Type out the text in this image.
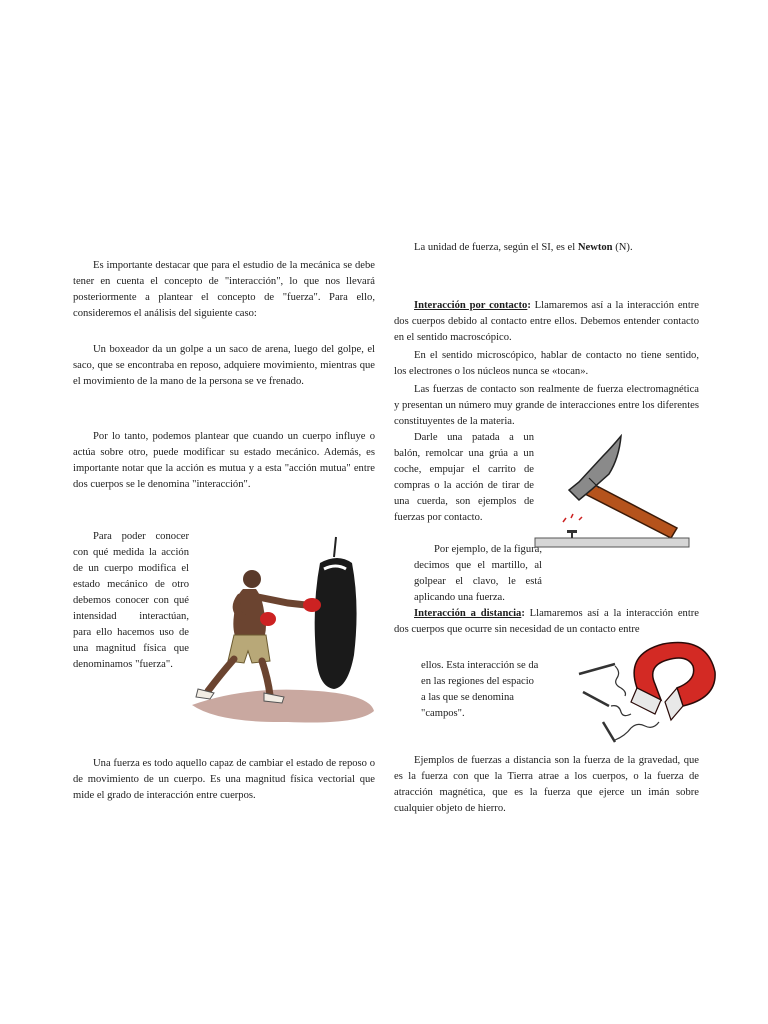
Es importante destacar que para el estudio de la mecánica se debe tener en cuenta el concepto de "interacción", lo que nos llevará posteriormente a plantear el concepto de "fuerza". Para ello, consideremos el análisis del siguiente caso:

Un boxeador da un golpe a un saco de arena, luego del golpe, el saco, que se encontraba en reposo, adquiere movimiento, mientras que el movimiento de la mano de la persona se ve frenado.

Por lo tanto, podemos plantear que cuando un cuerpo influye o actúa sobre otro, puede modificar su estado mecánico. Además, es importante notar que la acción es mutua y a esta "acción mutua" entre dos cuerpos se le denomina "interacción".

Para poder conocer con qué medida la acción de un cuerpo modifica el estado mecánico de otro debemos conocer con qué intensidad interactúan, para ello hacemos uso de una magnitud física que denominamos "fuerza".

Una fuerza es todo aquello capaz de cambiar el estado de reposo o de movimiento de un cuerpo. Es una magnitud física vectorial que mide el grado de interacción entre cuerpos.

La unidad de fuerza, según el SI, es el Newton (N).

Interacción por contacto: Llamaremos así a la interacción entre dos cuerpos debido al contacto entre ellos. Debemos entender contacto en el sentido macroscópico.

En el sentido microscópico, hablar de contacto no tiene sentido, los electrones o los núcleos nunca se «tocan».

Las fuerzas de contacto son realmente de fuerza electromagnética y presentan un número muy grande de interacciones entre los diferentes constituyentes de la materia.

Darle una patada a un balón, remolcar una grúa a un coche, empujar el carrito de compras o la acción de tirar de una cuerda, son ejemplos de fuerzas por contacto.

Por ejemplo, de la figura, decimos que el martillo, al golpear el clavo, le está aplicando una fuerza.

Interacción a distancia: Llamaremos así a la interacción entre dos cuerpos que ocurre sin necesidad de un contacto entre

ellos. Esta interacción se da en las regiones del espacio a las que se denomina "campos".

Ejemplos de fuerzas a distancia son la fuerza de la gravedad, que es la fuerza con que la Tierra atrae a los cuerpos, o la fuerza de atracción magnética, que es la fuerza que ejerce un imán sobre cualquier objeto de hierro.
